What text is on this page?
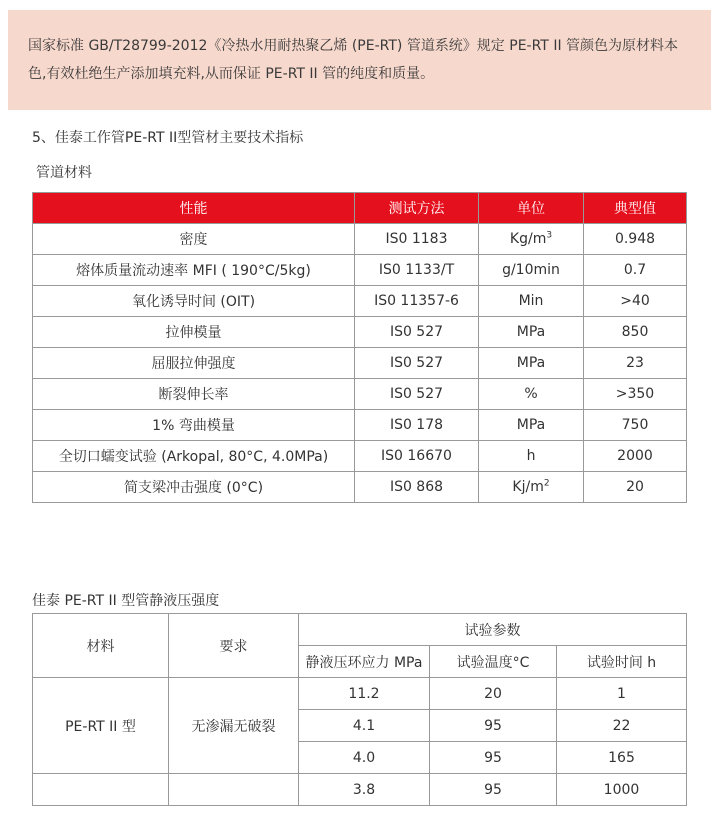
国家标准 GB/T28799-2012《冷热水用耐热聚乙烯 (PE-RT) 管道系统》规定 PE-RT II 管颜色为原材料本
色,有效杜绝生产添加填充料,从而保证 PE-RT II 管的纯度和质量。
5、佳泰工作管PE-RT II型管材主要技术指标
管道材料
性能	测试方法	单位	典型值
密度	IS0 1183	$Kg/m^3$	0.948
熔体质量流动速率 MFI ( 190°C/5kg)	IS0 1133/T	g/10min	0.7
氧化诱导时间 (OIT)	IS0 11357-6	Min	>40
拉伸模量	IS0 527	MPa	850
屈服拉伸强度	IS0 527	MPa	23
断裂伸长率	IS0 527	%	>350
1% 弯曲模量	IS0 178	MPa	750
全切口蠕变试验 (Arkopal, 80°C, 4.0MPa)	IS0 16670	h	2000
简支梁冲击强度 (0°C)	IS0 868	$Kj/m^2$	20
佳泰 PE-RT II 型管静液压强度
材料	要求	试验参数		
		静液压环应力 MPa	试验温度°C	试验时间 h
PE-RT II 型	无渗漏无破裂	11.2	20	1
		4.1	95	22
		4.0	95	165
		3.8	95	1000
